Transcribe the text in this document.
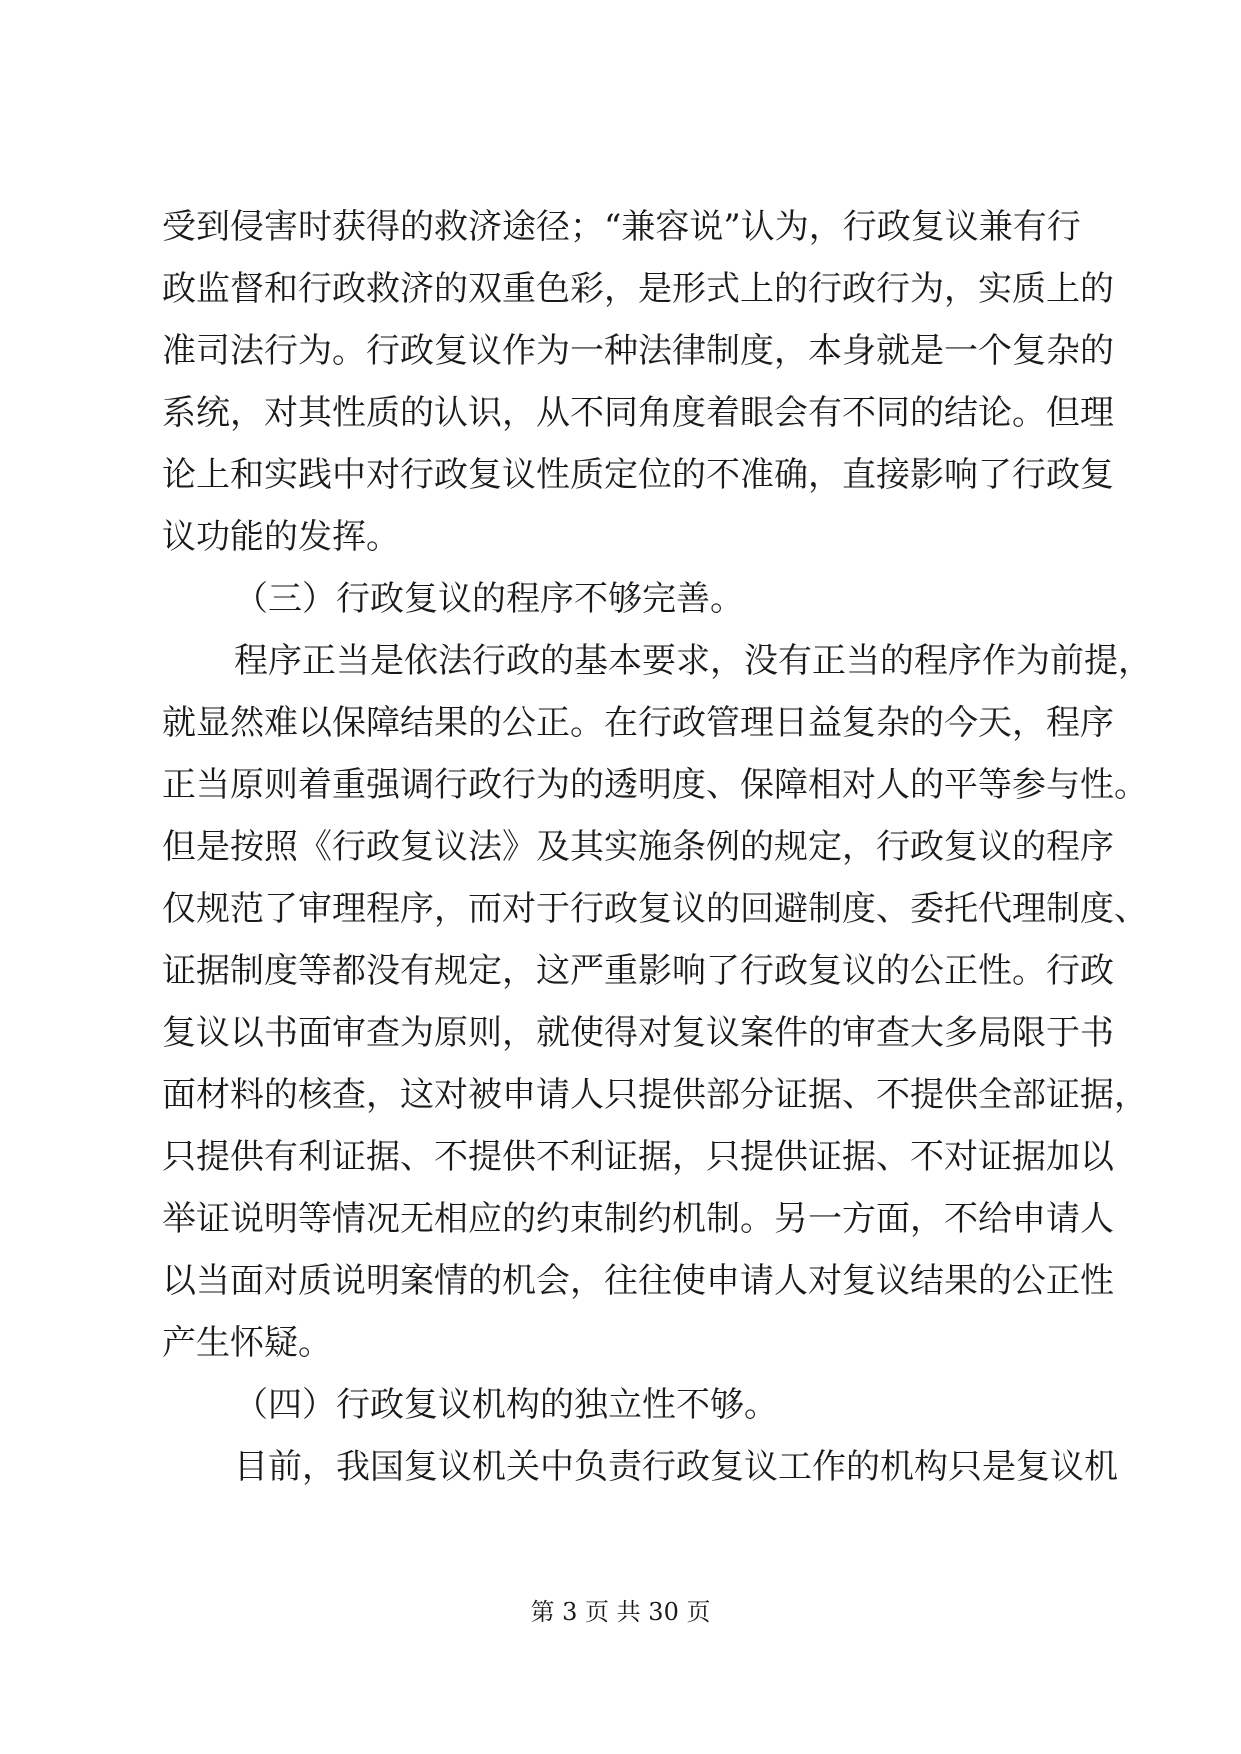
受到侵害时获得的救济途径；“兼容说”认为，行政复议兼有行
政监督和行政救济的双重色彩，是形式上的行政行为，实质上的
准司法行为。行政复议作为一种法律制度，本身就是一个复杂的
系统，对其性质的认识，从不同角度着眼会有不同的结论。但理
论上和实践中对行政复议性质定位的不准确，直接影响了行政复
议功能的发挥。
（三）行政复议的程序不够完善。
程序正当是依法行政的基本要求，没有正当的程序作为前提，
就显然难以保障结果的公正。在行政管理日益复杂的今天，程序
正当原则着重强调行政行为的透明度、保障相对人的平等参与性。
但是按照《行政复议法》及其实施条例的规定，行政复议的程序
仅规范了审理程序，而对于行政复议的回避制度、委托代理制度、
证据制度等都没有规定，这严重影响了行政复议的公正性。行政
复议以书面审查为原则，就使得对复议案件的审查大多局限于书
面材料的核查，这对被申请人只提供部分证据、不提供全部证据，
只提供有利证据、不提供不利证据，只提供证据、不对证据加以
举证说明等情况无相应的约束制约机制。另一方面，不给申请人
以当面对质说明案情的机会，往往使申请人对复议结果的公正性
产生怀疑。
（四）行政复议机构的独立性不够。
目前，我国复议机关中负责行政复议工作的机构只是复议机
第 3 页 共 30 页
